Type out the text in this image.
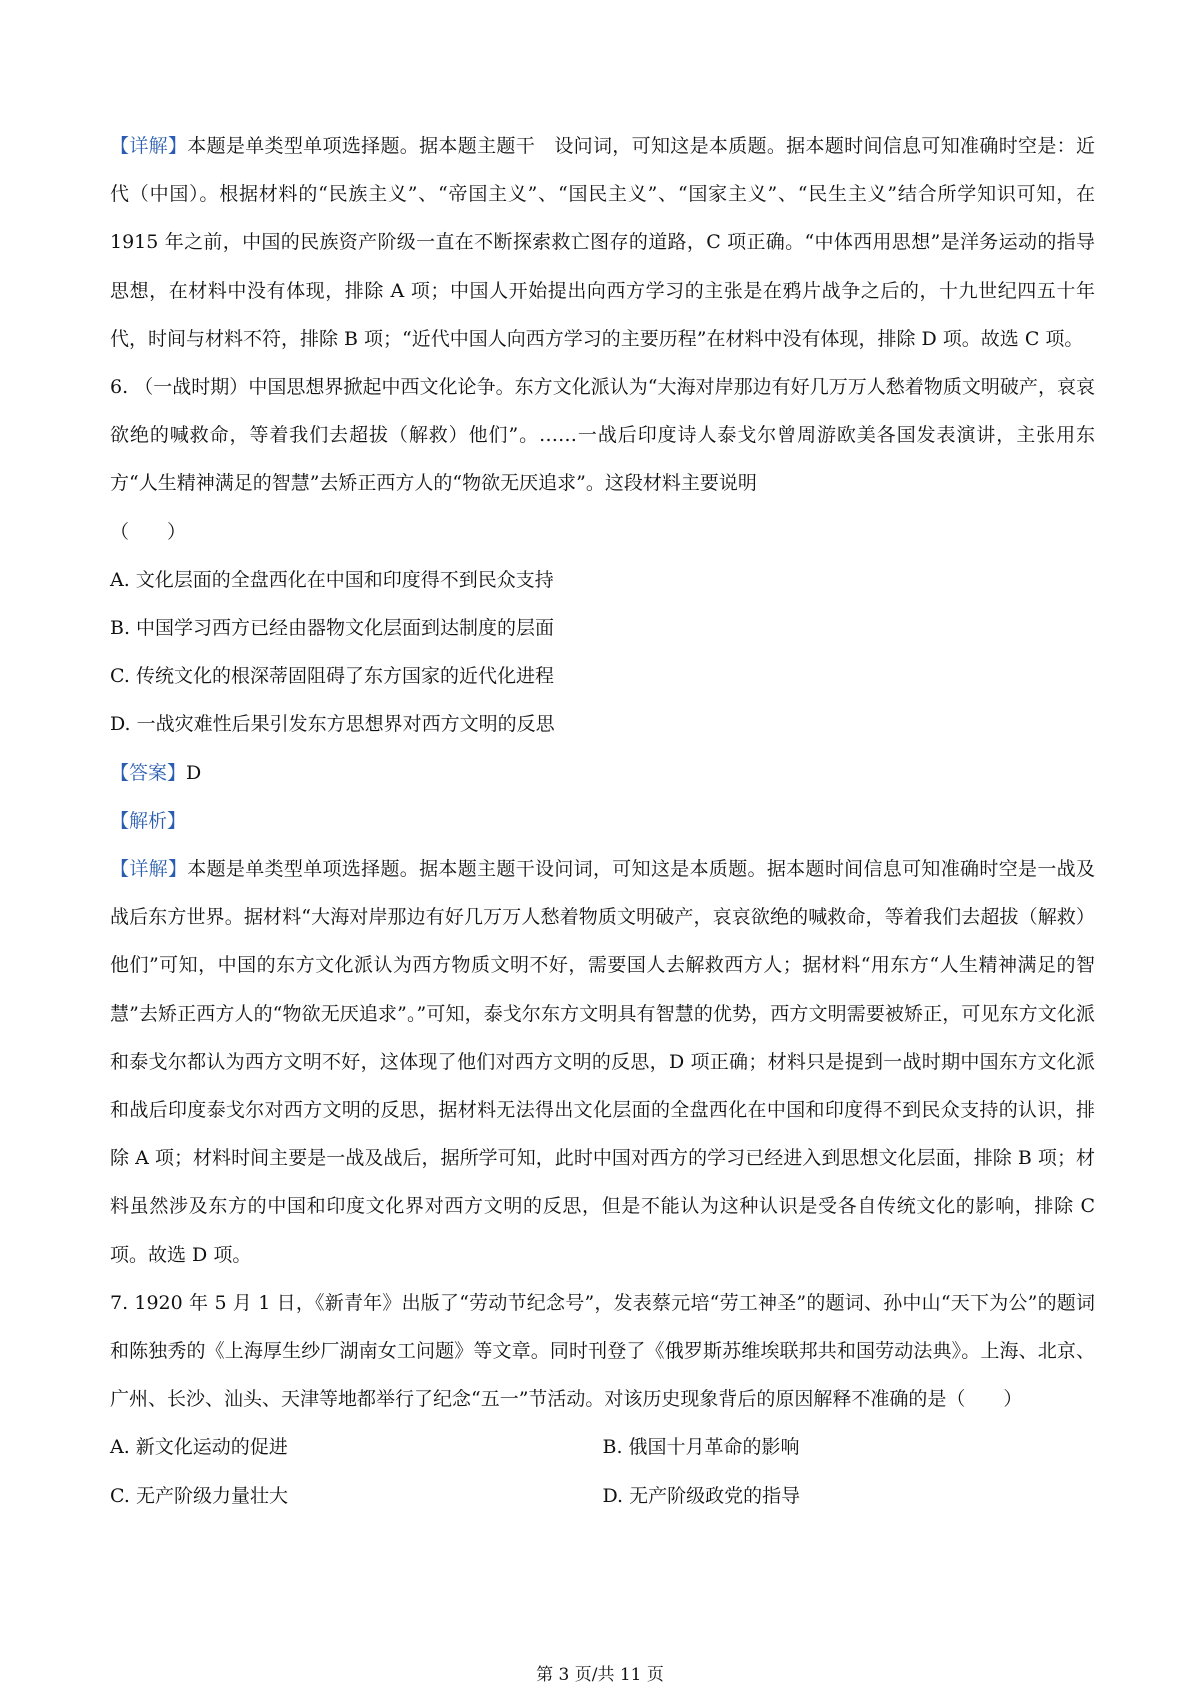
【详解】本题是单类型单项选择题。据本题主题干　设问词，可知这是本质题。据本题时间信息可知准确时空是：近代（中国）。根据材料的“民族主义”、“帝国主义”、“国民主义”、“国家主义”、“民生主义”结合所学知识可知，在 1915 年之前，中国的民族资产阶级一直在不断探索救亡图存的道路，C 项正确。“中体西用思想”是洋务运动的指导思想，在材料中没有体现，排除 A 项；中国人开始提出向西方学习的主张是在鸦片战争之后的，十九世纪四五十年代，时间与材料不符，排除 B 项；“近代中国人向西方学习的主要历程”在材料中没有体现，排除 D 项。故选 C 项。

6. （一战时期）中国思想界掀起中西文化论争。东方文化派认为“大海对岸那边有好几万万人愁着物质文明破产，哀哀欲绝的喊救命，等着我们去超拔（解救）他们”。……一战后印度诗人泰戈尔曾周游欧美各国发表演讲，主张用东方“人生精神满足的智慧”去矫正西方人的“物欲无厌追求”。这段材料主要说明

（　　）

A. 文化层面的全盘西化在中国和印度得不到民众支持

B. 中国学习西方已经由器物文化层面到达制度的层面

C. 传统文化的根深蒂固阻碍了东方国家的近代化进程

D. 一战灾难性后果引发东方思想界对西方文明的反思

【答案】D

【解析】

【详解】本题是单类型单项选择题。据本题主题干设问词，可知这是本质题。据本题时间信息可知准确时空是一战及战后东方世界。据材料“大海对岸那边有好几万万人愁着物质文明破产，哀哀欲绝的喊救命，等着我们去超拔（解救）他们”可知，中国的东方文化派认为西方物质文明不好，需要国人去解救西方人；据材料“用东方“人生精神满足的智慧”去矫正西方人的“物欲无厌追求”。”可知，泰戈尔东方文明具有智慧的优势，西方文明需要被矫正，可见东方文化派和泰戈尔都认为西方文明不好，这体现了他们对西方文明的反思，D 项正确；材料只是提到一战时期中国东方文化派和战后印度泰戈尔对西方文明的反思，据材料无法得出文化层面的全盘西化在中国和印度得不到民众支持的认识，排除 A 项；材料时间主要是一战及战后，据所学可知，此时中国对西方的学习已经进入到思想文化层面，排除 B 项；材料虽然涉及东方的中国和印度文化界对西方文明的反思，但是不能认为这种认识是受各自传统文化的影响，排除 C 项。故选 D 项。

7. 1920 年 5 月 1 日，《新青年》出版了“劳动节纪念号”，发表蔡元培“劳工神圣”的题词、孙中山“天下为公”的题词和陈独秀的《上海厚生纱厂湖南女工问题》等文章。同时刊登了《俄罗斯苏维埃联邦共和国劳动法典》。上海、北京、广州、长沙、汕头、天津等地都举行了纪念“五一”节活动。对该历史现象背后的原因解释不准确的是（　　）

A. 新文化运动的促进	B. 俄国十月革命的影响
C. 无产阶级力量壮大	D. 无产阶级政党的指导
第 3 页/共 11 页
